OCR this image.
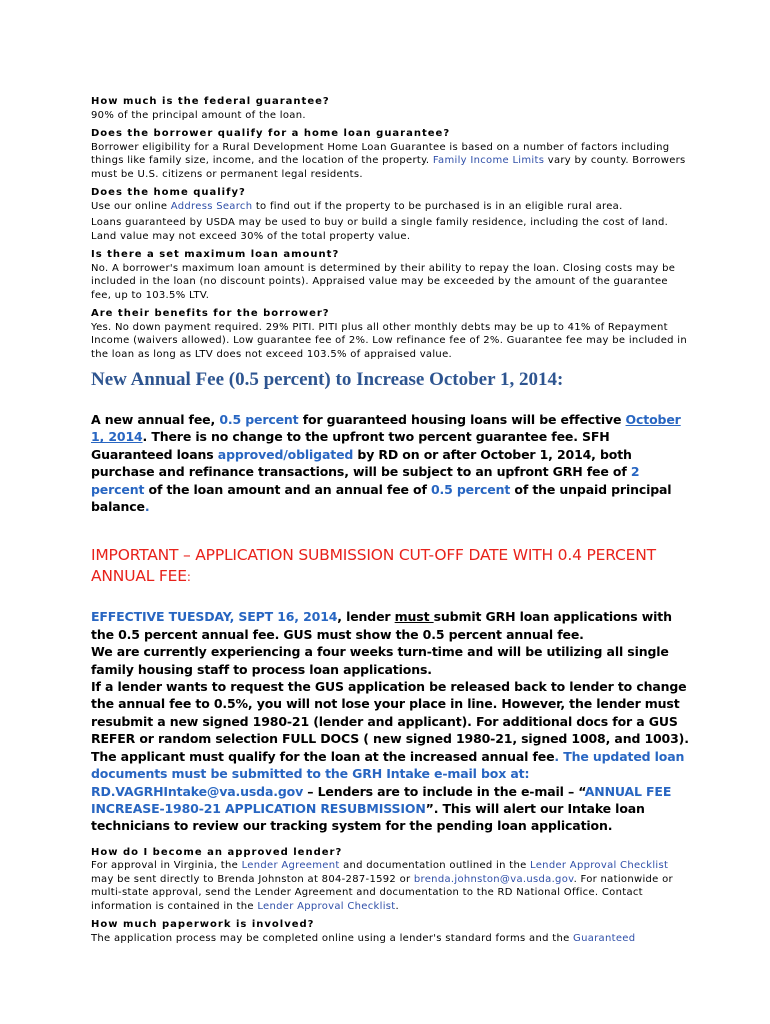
How much is the federal guarantee?
90% of the principal amount of the loan.
Does the borrower qualify for a home loan guarantee?
Borrower eligibility for a Rural Development Home Loan Guarantee is based on a number of factors including things like family size, income, and the location of the property. Family Income Limits vary by county. Borrowers must be U.S. citizens or permanent legal residents.
Does the home qualify?
Use our online Address Search to find out if the property to be purchased is in an eligible rural area.
Loans guaranteed by USDA may be used to buy or build a single family residence, including the cost of land. Land value may not exceed 30% of the total property value.
Is there a set maximum loan amount?
No. A borrower's maximum loan amount is determined by their ability to repay the loan. Closing costs may be included in the loan (no discount points). Appraised value may be exceeded by the amount of the guarantee fee, up to 103.5% LTV.
Are their benefits for the borrower?
Yes. No down payment required. 29% PITI. PITI plus all other monthly debts may be up to 41% of Repayment Income (waivers allowed). Low guarantee fee of 2%. Low refinance fee of 2%. Guarantee fee may be included in the loan as long as LTV does not exceed 103.5% of appraised value.
New Annual Fee (0.5 percent) to Increase October 1, 2014:
A new annual fee, 0.5 percent for guaranteed housing loans will be effective October 1, 2014. There is no change to the upfront two percent guarantee fee. SFH Guaranteed loans approved/obligated by RD on or after October 1, 2014, both purchase and refinance transactions, will be subject to an upfront GRH fee of 2 percent of the loan amount and an annual fee of 0.5 percent of the unpaid principal balance.
IMPORTANT – APPLICATION SUBMISSION CUT-OFF DATE WITH 0.4 PERCENT ANNUAL FEE:
EFFECTIVE TUESDAY, SEPT 16, 2014, lender must submit GRH loan applications with the 0.5 percent annual fee. GUS must show the 0.5 percent annual fee.
We are currently experiencing a four weeks turn-time and will be utilizing all single family housing staff to process loan applications.
If a lender wants to request the GUS application be released back to lender to change the annual fee to 0.5%, you will not lose your place in line. However, the lender must resubmit a new signed 1980-21 (lender and applicant). For additional docs for a GUS REFER or random selection FULL DOCS ( new signed 1980-21, signed 1008, and 1003). The applicant must qualify for the loan at the increased annual fee. The updated loan documents must be submitted to the GRH Intake e-mail box at: RD.VAGRHIntake@va.usda.gov – Lenders are to include in the e-mail – “ANNUAL FEE INCREASE-1980-21 APPLICATION RESUBMISSION”. This will alert our Intake loan technicians to review our tracking system for the pending loan application.
How do I become an approved lender?
For approval in Virginia, the Lender Agreement and documentation outlined in the Lender Approval Checklist may be sent directly to Brenda Johnston at 804-287-1592 or brenda.johnston@va.usda.gov. For nationwide or multi-state approval, send the Lender Agreement and documentation to the RD National Office. Contact information is contained in the Lender Approval Checklist.
How much paperwork is involved?
The application process may be completed online using a lender's standard forms and the Guaranteed
